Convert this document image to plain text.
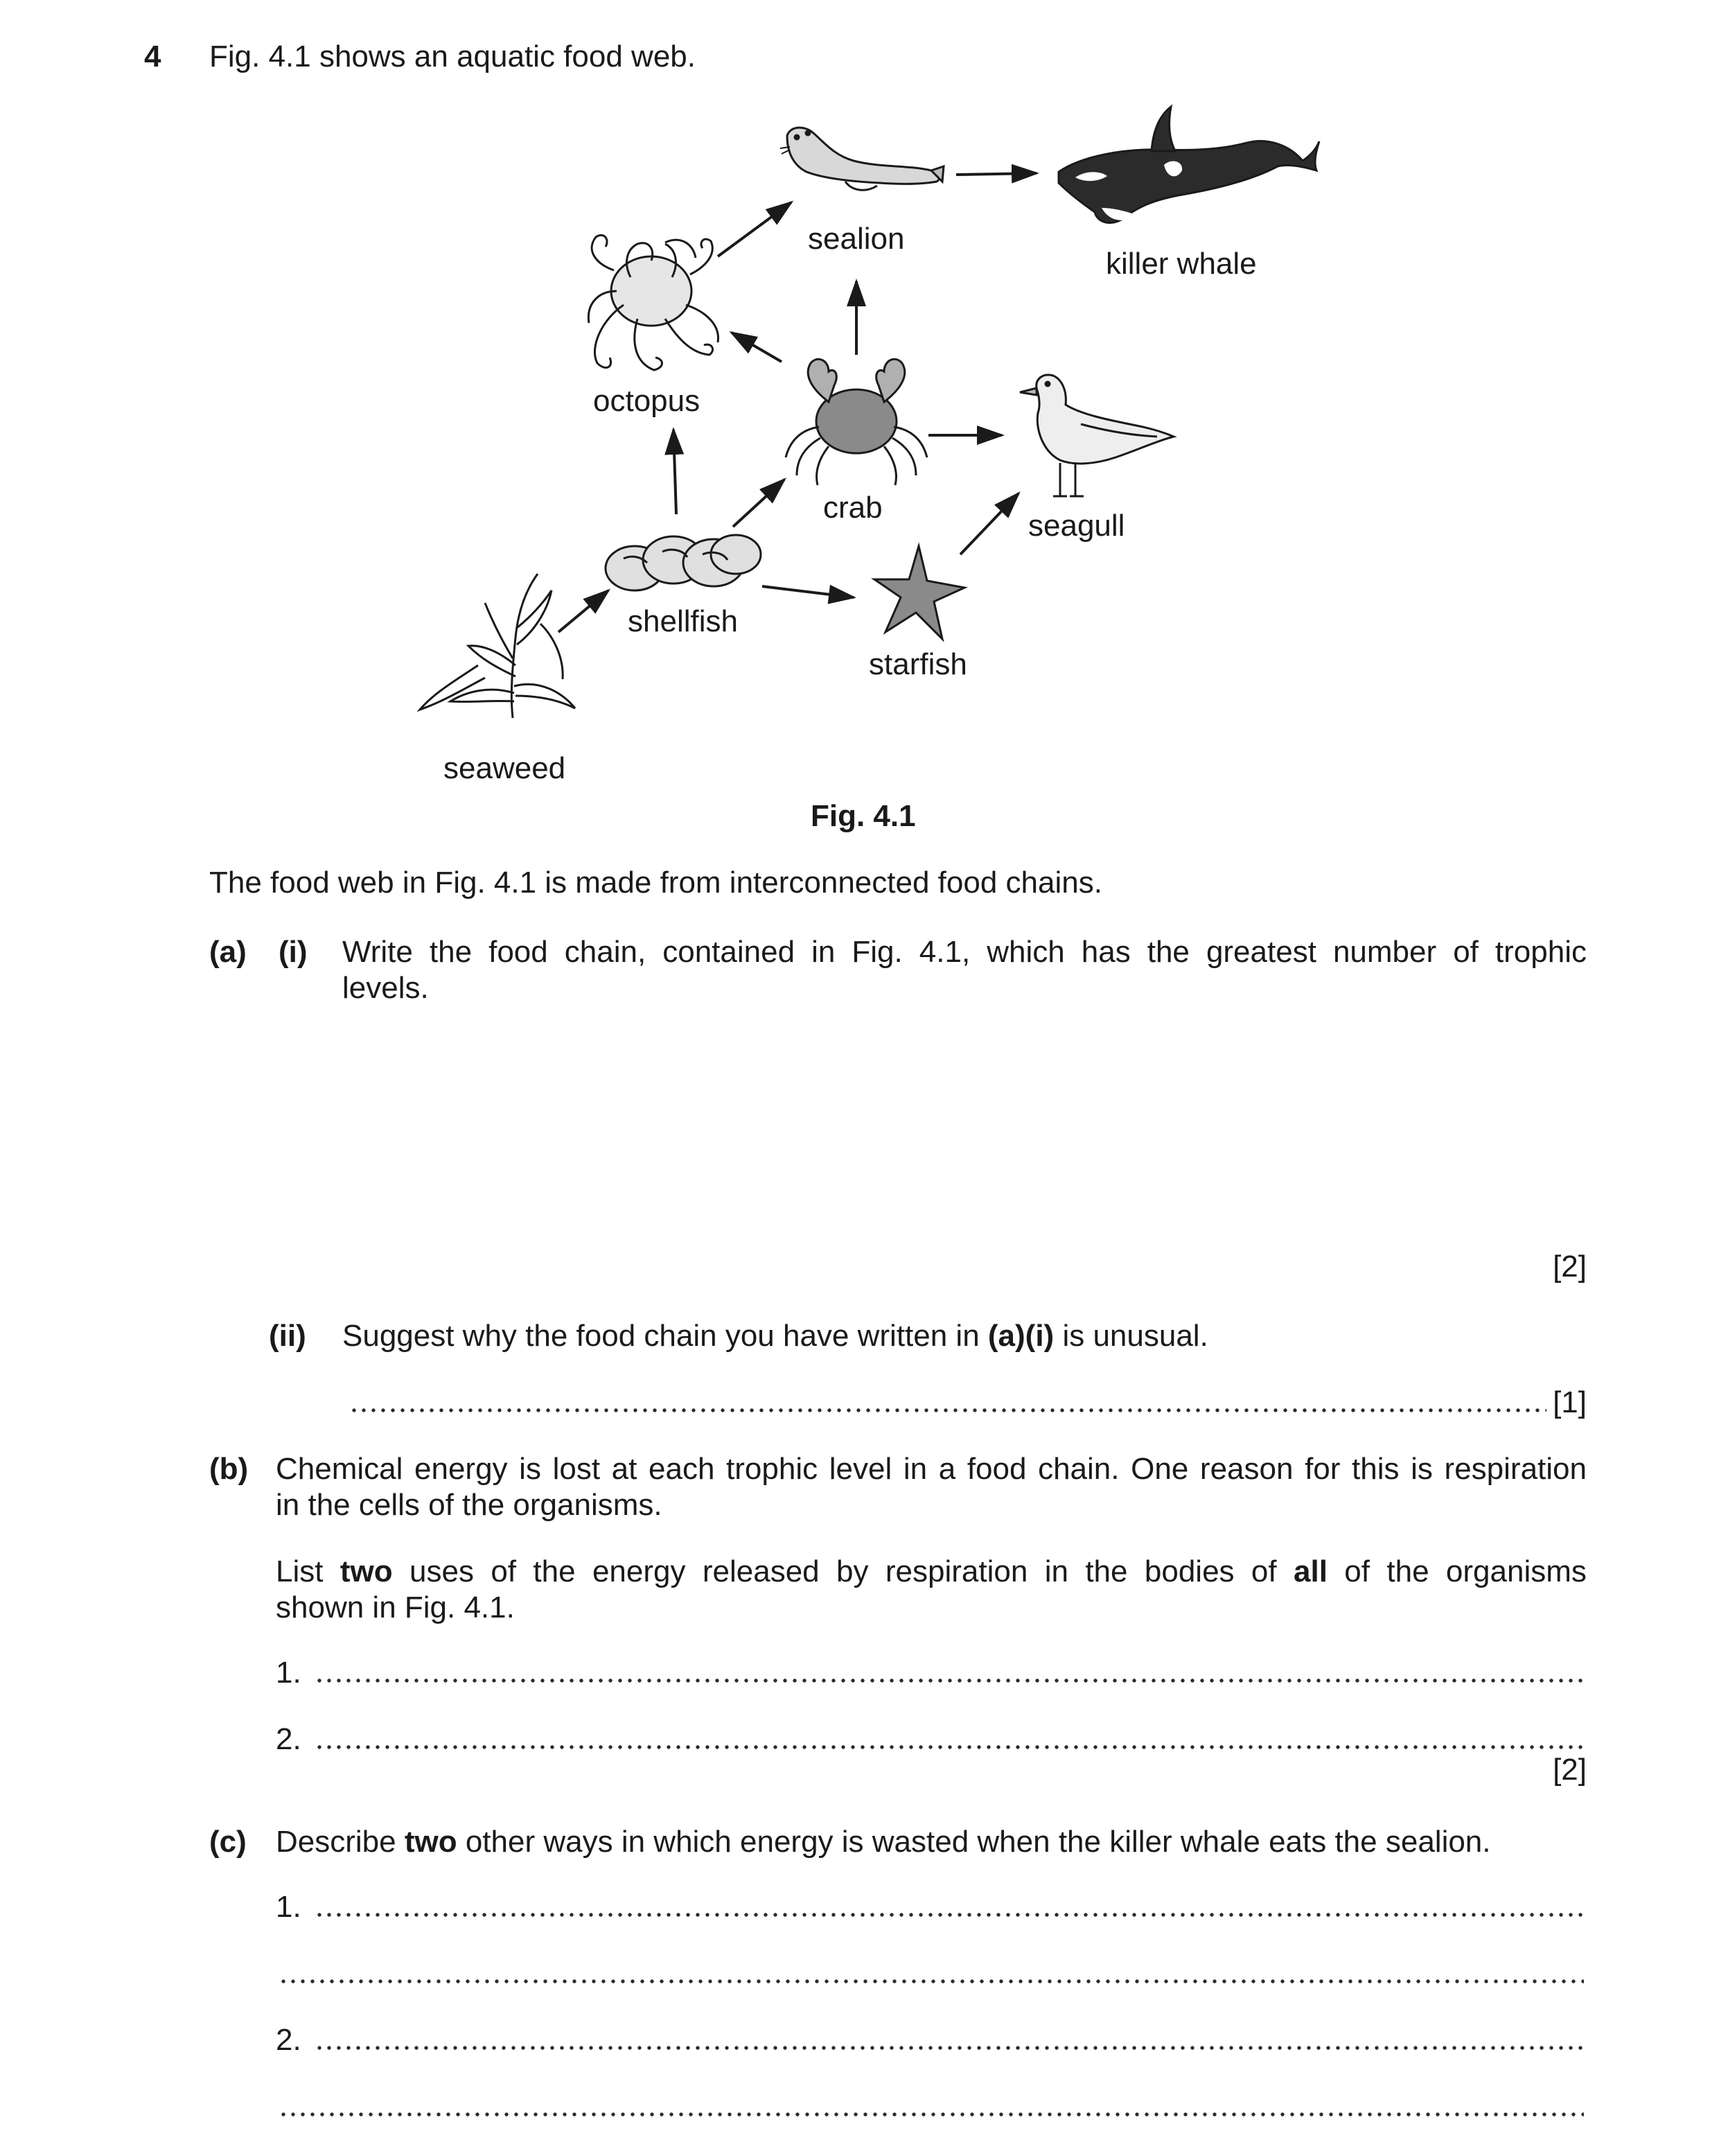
4 Fig. 4.1 shows an aquatic food web.
sealion
killer whale
octopus
crab
seagull
shellfish
starfish
seaweed
Fig. 4.1
The food web in Fig. 4.1 is made from interconnected food chains.
(a) (i) Write the food chain, contained in Fig. 4.1, which has the greatest number of trophic
levels.
[2]
(ii) Suggest why the food chain you have written in (a)(i) is unusual.
[1]
(b) Chemical energy is lost at each trophic level in a food chain. One reason for this is respiration
in the cells of the organisms.
List two uses of the energy released by respiration in the bodies of all of the organisms
shown in Fig. 4.1.
1.
2.
[2]
(c) Describe two other ways in which energy is wasted when the killer whale eats the sealion.
1.
2.
